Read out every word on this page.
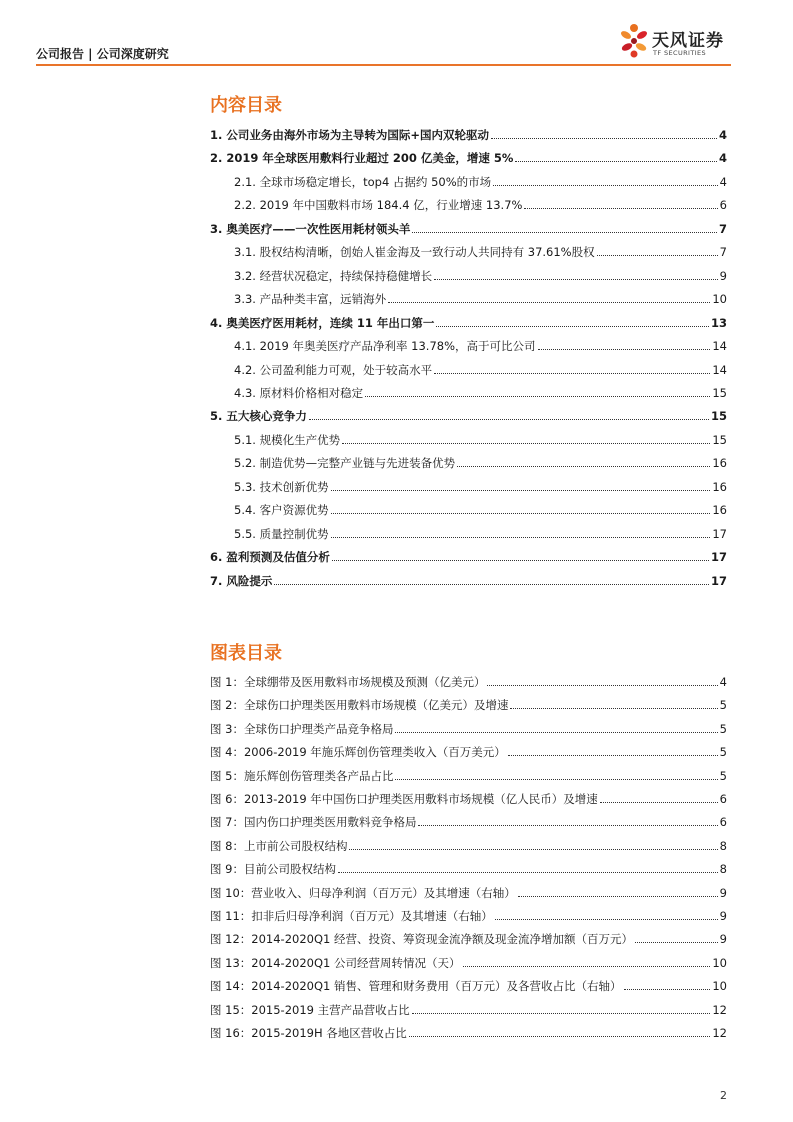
公司报告 | 公司深度研究
天风证券
TF SECURITIES
内容目录
1. 公司业务由海外市场为主导转为国际+国内双轮驱动	4
2. 2019 年全球医用敷料行业超过 200 亿美金，增速 5%	4
2.1. 全球市场稳定增长，top4 占据约 50%的市场	4
2.2. 2019 年中国敷料市场 184.4 亿，行业增速 13.7%	6
3. 奥美医疗——一次性医用耗材领头羊	7
3.1. 股权结构清晰，创始人崔金海及一致行动人共同持有 37.61%股权	7
3.2. 经营状况稳定，持续保持稳健增长	9
3.3. 产品种类丰富，远销海外	10
4. 奥美医疗医用耗材，连续 11 年出口第一	13
4.1. 2019 年奥美医疗产品净利率 13.78%，高于可比公司	14
4.2. 公司盈利能力可观，处于较高水平	14
4.3. 原材料价格相对稳定	15
5. 五大核心竞争力	15
5.1. 规模化生产优势	15
5.2. 制造优势—完整产业链与先进装备优势	16
5.3. 技术创新优势	16
5.4. 客户资源优势	16
5.5. 质量控制优势	17
6. 盈利预测及估值分析	17
7. 风险提示	17
图表目录
图 1：全球绷带及医用敷料市场规模及预测（亿美元）	4
图 2：全球伤口护理类医用敷料市场规模（亿美元）及增速	5
图 3：全球伤口护理类产品竞争格局	5
图 4：2006-2019 年施乐辉创伤管理类收入（百万美元）	5
图 5：施乐辉创伤管理类各产品占比	5
图 6：2013-2019 年中国伤口护理类医用敷料市场规模（亿人民币）及增速	6
图 7：国内伤口护理类医用敷料竞争格局	6
图 8：上市前公司股权结构	8
图 9：目前公司股权结构	8
图 10：营业收入、归母净利润（百万元）及其增速（右轴）	9
图 11：扣非后归母净利润（百万元）及其增速（右轴）	9
图 12：2014-2020Q1 经营、投资、筹资现金流净额及现金流净增加额（百万元）	9
图 13：2014-2020Q1 公司经营周转情况（天）	10
图 14：2014-2020Q1 销售、管理和财务费用（百万元）及各营收占比（右轴）	10
图 15：2015-2019 主营产品营收占比	12
图 16：2015-2019H 各地区营收占比	12
2
